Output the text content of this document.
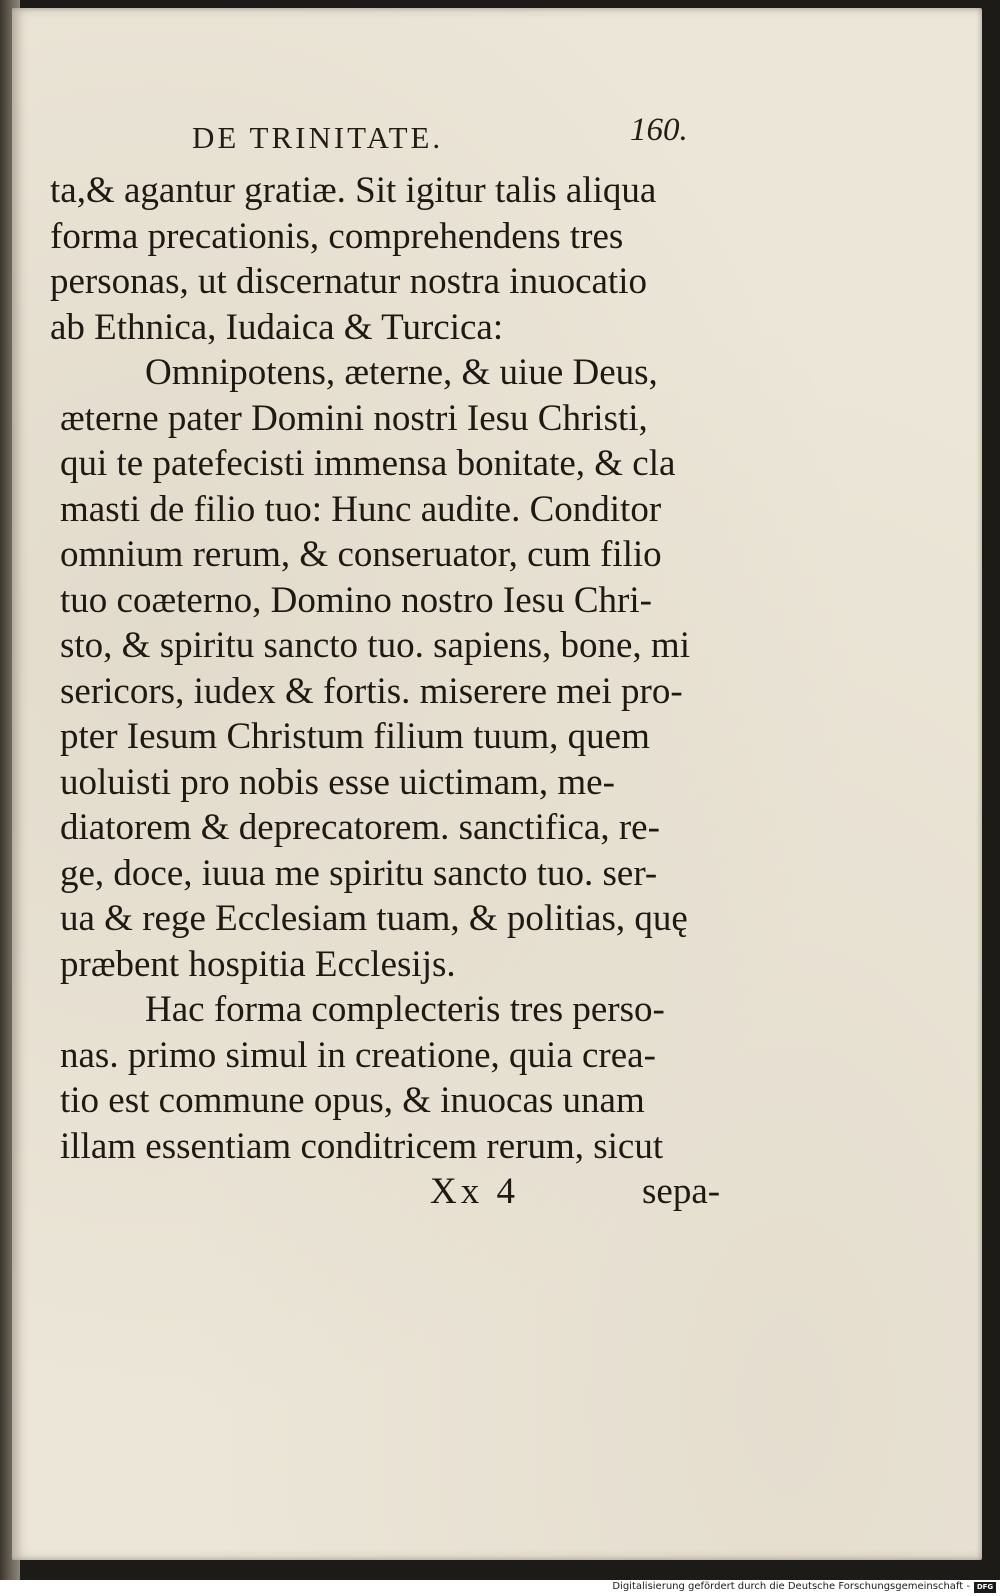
DE TRINITATE.	160.
ta,& agantur gratiæ. Sit igitur talis aliqua
forma precationis, comprehendens tres
personas, ut discernatur nostra inuocatio
ab Ethnica, Iudaica & Turcica:
Omnipotens, æterne, & uiue Deus,
æterne pater Domini nostri Iesu Christi,
qui te patefecisti immensa bonitate, & cla
masti de filio tuo: Hunc audite. Conditor
omnium rerum, & conseruator, cum filio
tuo coæterno, Domino nostro Iesu Chri-
sto, & spiritu sancto tuo. sapiens, bone, mi
sericors, iudex & fortis. miserere mei pro-
pter Iesum Christum filium tuum, quem
uoluisti pro nobis esse uictimam, me-
diatorem & deprecatorem. sanctifica, re-
ge, doce, iuua me spiritu sancto tuo. ser-
ua & rege Ecclesiam tuam, & politias, quę
præbent hospitia Ecclesijs.
Hac forma complecteris tres perso-
nas. primo simul in creatione, quia crea-
tio est commune opus, & inuocas unam
illam essentiam conditricem rerum, sicut
Xx 4	sepa-
Digitalisierung gefördert durch die Deutsche Forschungsgemeinschaft - DFG
